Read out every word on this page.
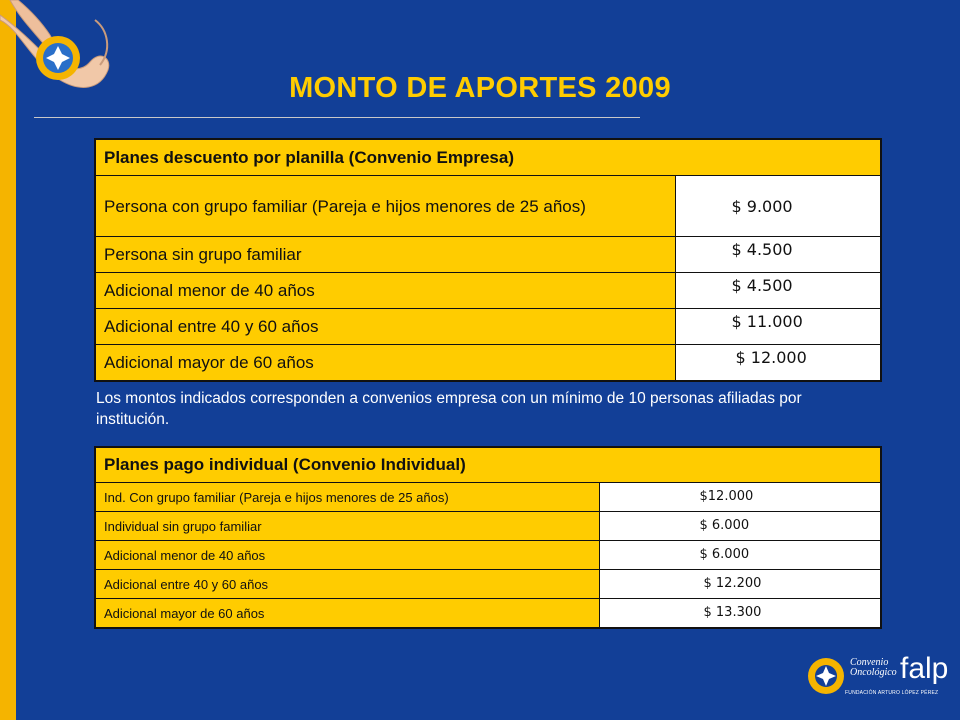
MONTO DE APORTES 2009
Planes descuento por planilla (Convenio Empresa)	
Persona con grupo familiar (Pareja e hijos menores de 25 años)	$ 9.000
Persona sin grupo familiar	$ 4.500
Adicional menor de 40 años	$ 4.500
Adicional entre 40 y 60 años	$ 11.000
Adicional mayor de 60 años	$ 12.000
Los montos indicados corresponden a convenios empresa con un mínimo de 10 personas afiliadas por institución.
Planes pago individual (Convenio Individual)	
Ind. Con grupo familiar (Pareja e hijos menores de 25 años)	$12.000
Individual sin grupo familiar	$ 6.000
Adicional menor de 40 años	$ 6.000
Adicional entre 40 y 60 años	$ 12.200
Adicional mayor de 60 años	$ 13.300
Convenio
Oncológico falp
FUNDACIÓN ARTURO LÓPEZ PÉREZ
